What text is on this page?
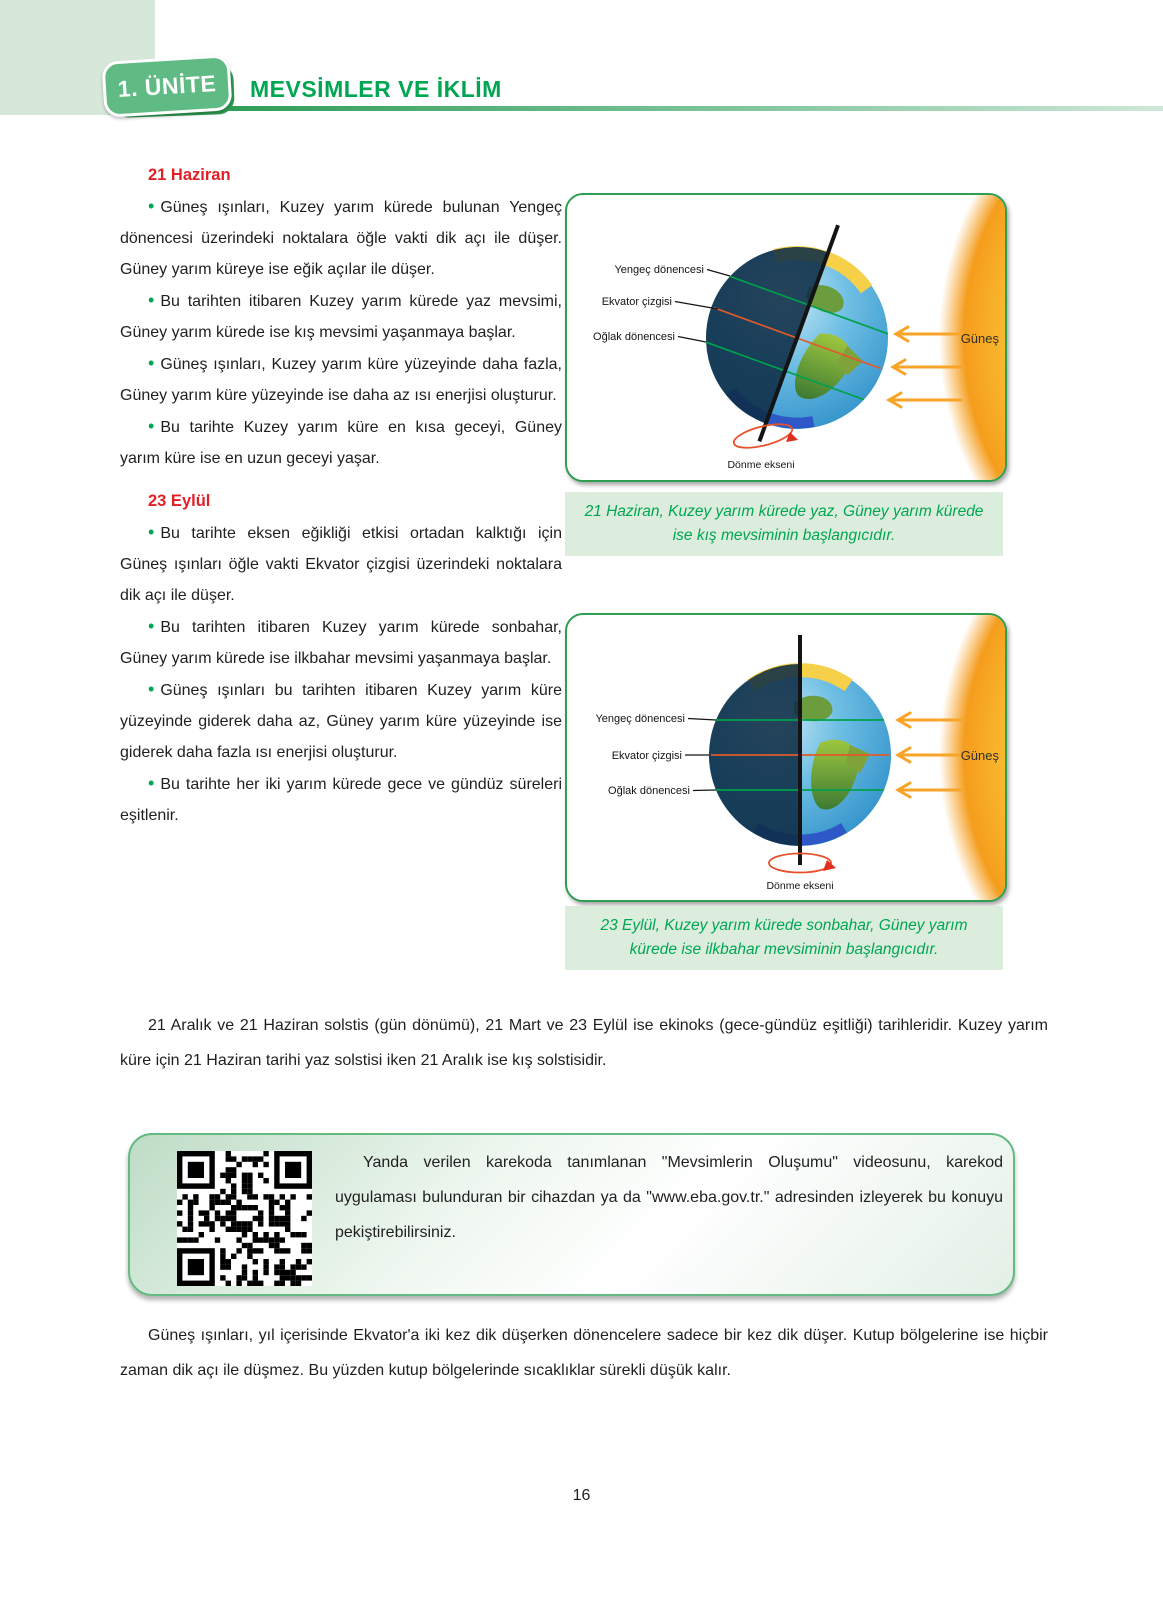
1. ÜNİTE MEVSİMLER VE İKLİM
21 Haziran

• Güneş ışınları, Kuzey yarım kürede bulunan Yengeç dönencesi üzerindeki noktalara öğle vakti dik açı ile düşer. Güney yarım küreye ise eğik açılar ile düşer.

• Bu tarihten itibaren Kuzey yarım kürede yaz mevsimi, Güney yarım kürede ise kış mevsimi yaşanmaya başlar.

• Güneş ışınları, Kuzey yarım küre yüzeyinde daha fazla, Güney yarım küre yüzeyinde ise daha az ısı enerjisi oluşturur.

• Bu tarihte Kuzey yarım küre en kısa geceyi, Güney yarım küre ise en uzun geceyi yaşar.

23 Eylül

• Bu tarihte eksen eğikliği etkisi ortadan kalktığı için Güneş ışınları öğle vakti Ekvator çizgisi üzerindeki noktalara dik açı ile düşer.

• Bu tarihten itibaren Kuzey yarım kürede sonbahar, Güney yarım kürede ise ilkbahar mevsimi yaşanmaya başlar.

• Güneş ışınları bu tarihten itibaren Kuzey yarım küre yüzeyinde giderek daha az, Güney yarım küre yüzeyinde ise giderek daha fazla ısı enerjisi oluşturur.

• Bu tarihte her iki yarım kürede gece ve gündüz süreleri eşitlenir.

Yengeç dönencesi
Ekvator çizgisi
Oğlak dönencesi
Dönme ekseni
Güneş
21 Haziran, Kuzey yarım kürede yaz, Güney yarım kürede ise kış mevsiminin başlangıcıdır.
Yengeç dönencesi
Ekvator çizgisi
Oğlak dönencesi
Dönme ekseni
Güneş
23 Eylül, Kuzey yarım kürede sonbahar, Güney yarım kürede ise ilkbahar mevsiminin başlangıcıdır.

21 Aralık ve 21 Haziran solstis (gün dönümü), 21 Mart ve 23 Eylül ise ekinoks (gece-gündüz eşitliği) tarihleridir. Kuzey yarım küre için 21 Haziran tarihi yaz solstisi iken 21 Aralık ise kış solstisidir.

Yanda verilen karekoda tanımlanan "Mevsimlerin Oluşumu" videosunu, karekod uygulaması bulunduran bir cihazdan ya da "www.eba.gov.tr." adresinden izleyerek bu konuyu pekiştirebilirsiniz.

Güneş ışınları, yıl içerisinde Ekvator'a iki kez dik düşerken dönencelere sadece bir kez dik düşer. Kutup bölgelerine ise hiçbir zaman dik açı ile düşmez. Bu yüzden kutup bölgelerinde sıcaklıklar sürekli düşük kalır.

16
